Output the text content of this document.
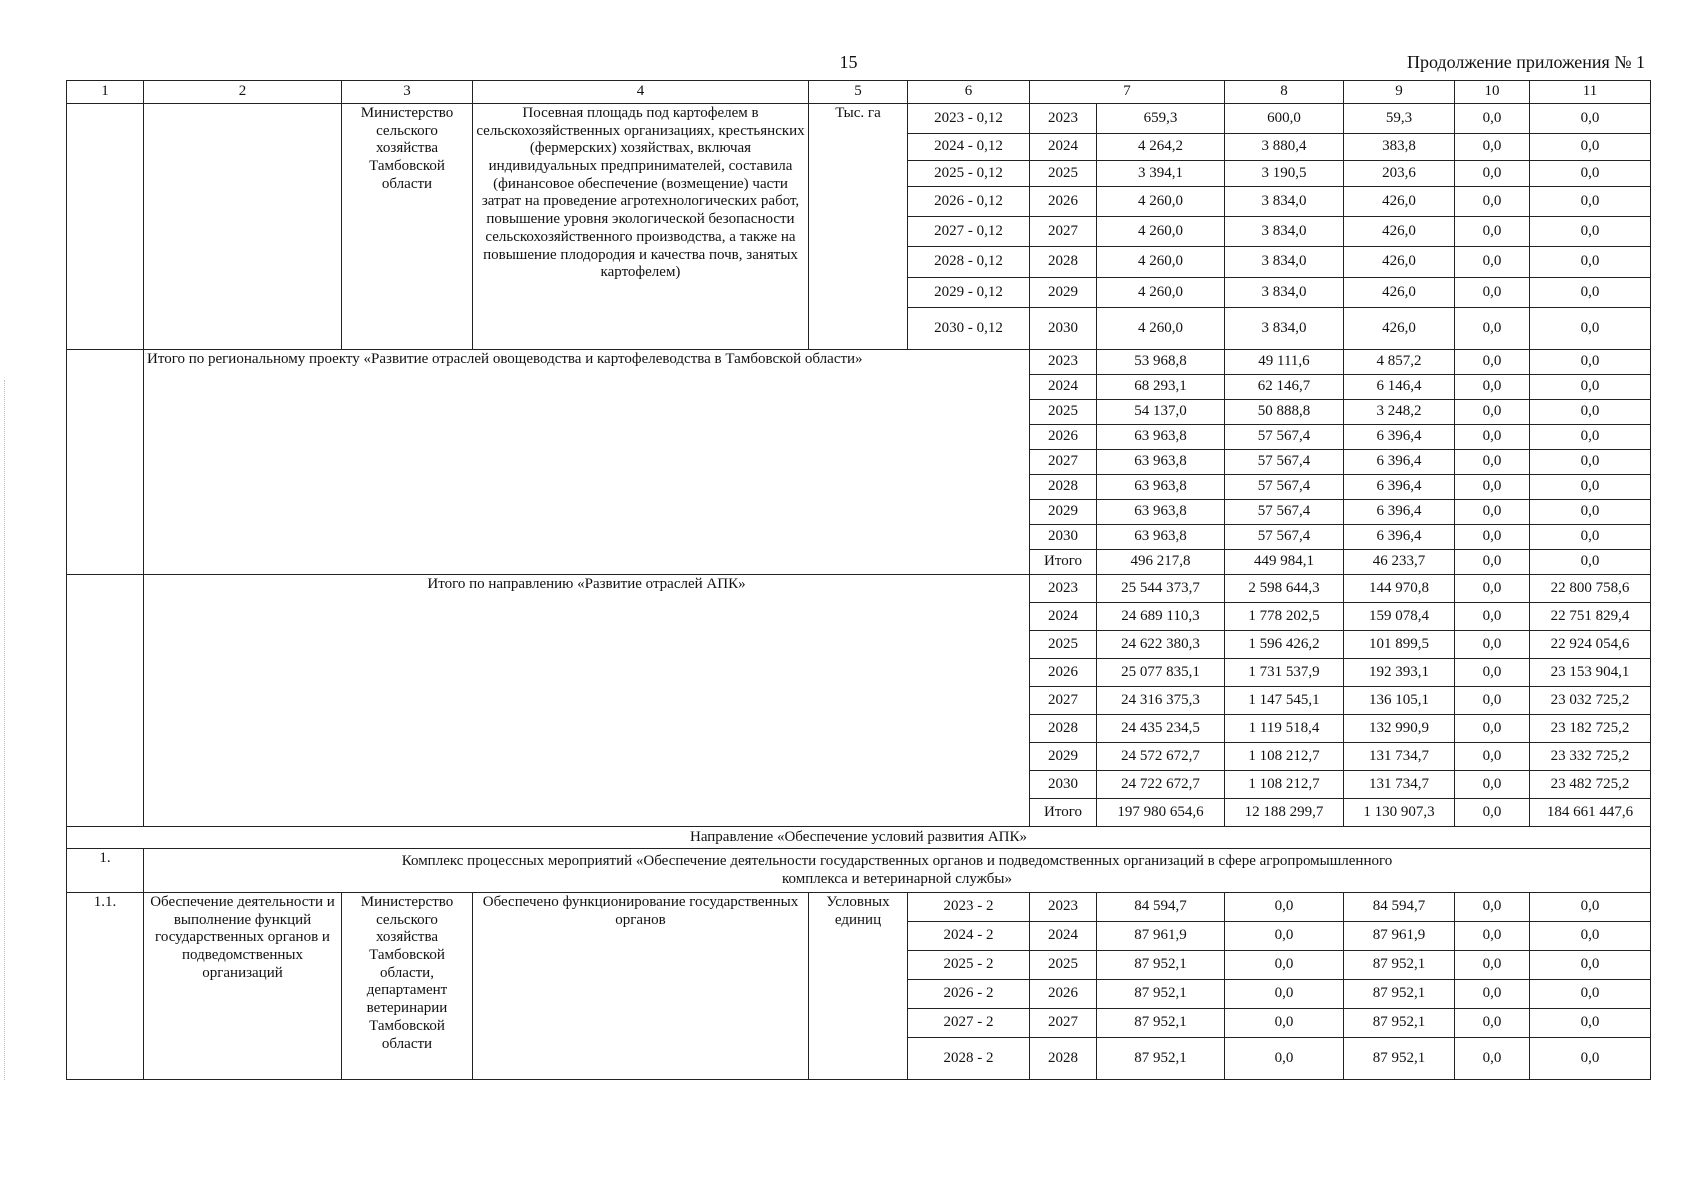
15	Продолжение приложения № 1
1	2	3	4	5	6	7		8	9	10	11
		Министерство сельского хозяйства Тамбовской области	Посевная площадь под картофелем в сельскохозяйственных организациях, крестьянских (фермерских) хозяйствах, включая индивидуальных предпринимателей, составила (финансовое обеспечение (возмещение) части затрат на проведение агротехнологических работ, повышение уровня экологической безопасности сельскохозяйственного производства, а также на повышение плодородия и качества почв, занятых картофелем)	Тыс. га	2023 - 0,12	2023	659,3	600,0	59,3	0,0	0,0
					2024 - 0,12	2024	4 264,2	3 880,4	383,8	0,0	0,0
					2025 - 0,12	2025	3 394,1	3 190,5	203,6	0,0	0,0
					2026 - 0,12	2026	4 260,0	3 834,0	426,0	0,0	0,0
					2027 - 0,12	2027	4 260,0	3 834,0	426,0	0,0	0,0
					2028 - 0,12	2028	4 260,0	3 834,0	426,0	0,0	0,0
					2029 - 0,12	2029	4 260,0	3 834,0	426,0	0,0	0,0
					2030 - 0,12	2030	4 260,0	3 834,0	426,0	0,0	0,0
	Итого по региональному проекту «Развитие отраслей овощеводства и картофелеводства в Тамбовской области»					2023	53 968,8	49 111,6	4 857,2	0,0	0,0
						2024	68 293,1	62 146,7	6 146,4	0,0	0,0
						2025	54 137,0	50 888,8	3 248,2	0,0	0,0
						2026	63 963,8	57 567,4	6 396,4	0,0	0,0
						2027	63 963,8	57 567,4	6 396,4	0,0	0,0
						2028	63 963,8	57 567,4	6 396,4	0,0	0,0
						2029	63 963,8	57 567,4	6 396,4	0,0	0,0
						2030	63 963,8	57 567,4	6 396,4	0,0	0,0
						Итого	496 217,8	449 984,1	46 233,7	0,0	0,0
	Итого по направлению «Развитие отраслей АПК»					2023	25 544 373,7	2 598 644,3	144 970,8	0,0	22 800 758,6
						2024	24 689 110,3	1 778 202,5	159 078,4	0,0	22 751 829,4
						2025	24 622 380,3	1 596 426,2	101 899,5	0,0	22 924 054,6
						2026	25 077 835,1	1 731 537,9	192 393,1	0,0	23 153 904,1
						2027	24 316 375,3	1 147 545,1	136 105,1	0,0	23 032 725,2
						2028	24 435 234,5	1 119 518,4	132 990,9	0,0	23 182 725,2
						2029	24 572 672,7	1 108 212,7	131 734,7	0,0	23 332 725,2
						2030	24 722 672,7	1 108 212,7	131 734,7	0,0	23 482 725,2
						Итого	197 980 654,6	12 188 299,7	1 130 907,3	0,0	184 661 447,6
Направление «Обеспечение условий развития АПК»											
1.	Комплекс процессных мероприятий «Обеспечение деятельности государственных органов и подведомственных организаций в сфере агропромышленного комплекса и ветеринарной службы»										
1.1.	Обеспечение деятельности и выполнение функций государственных органов и подведомственных организаций	Министерство сельского хозяйства Тамбовской области, департамент ветеринарии Тамбовской области	Обеспечено функционирование государственных органов	Условных единиц	2023 - 2	2023	84 594,7	0,0	84 594,7	0,0	0,0
					2024 - 2	2024	87 961,9	0,0	87 961,9	0,0	0,0
					2025 - 2	2025	87 952,1	0,0	87 952,1	0,0	0,0
					2026 - 2	2026	87 952,1	0,0	87 952,1	0,0	0,0
					2027 - 2	2027	87 952,1	0,0	87 952,1	0,0	0,0
					2028 - 2	2028	87 952,1	0,0	87 952,1	0,0	0,0
